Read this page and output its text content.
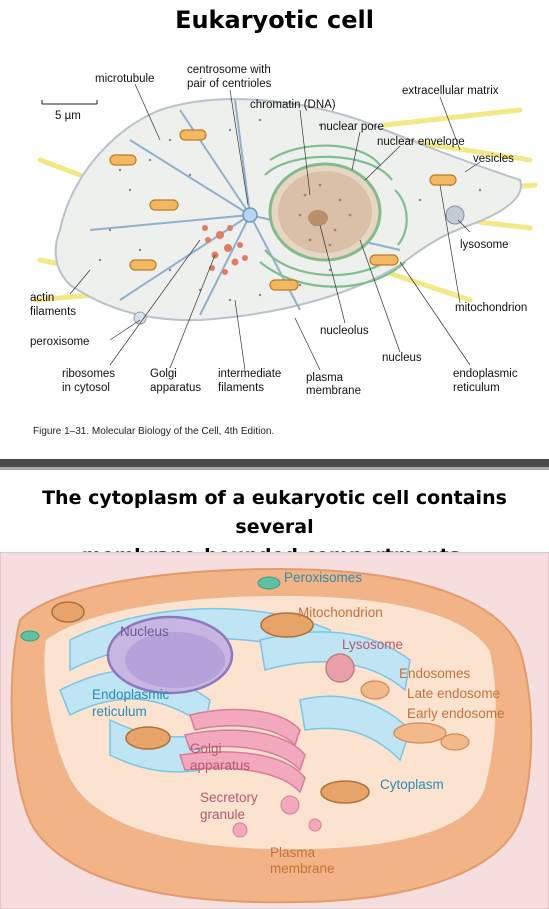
Eukaryotic cell
5 µm
microtubule
centrosome with
pair of centrioles
chromatin (DNA)
extracellular matrix
nuclear pore
nuclear envelope
vesicles
lysosome
actin
filaments	mitochondrion
peroxisome
nucleolus
nucleus
ribosomes
in cytosol
Golgi
apparatus
intermediate
filaments
plasma
membrane
endoplasmic
reticulum
Figure 1–31. Molecular Biology of the Cell, 4th Edition.
The cytoplasm of a eukaryotic cell contains several
Peroxisomes
Mitochondrion
Nucleus
Lysosome
Endosomes
Late endosome
Early endosome
Endoplasmic
reticulum
Golgi
apparatus
Cytoplasm
Secretory
granule
Plasma
membrane
